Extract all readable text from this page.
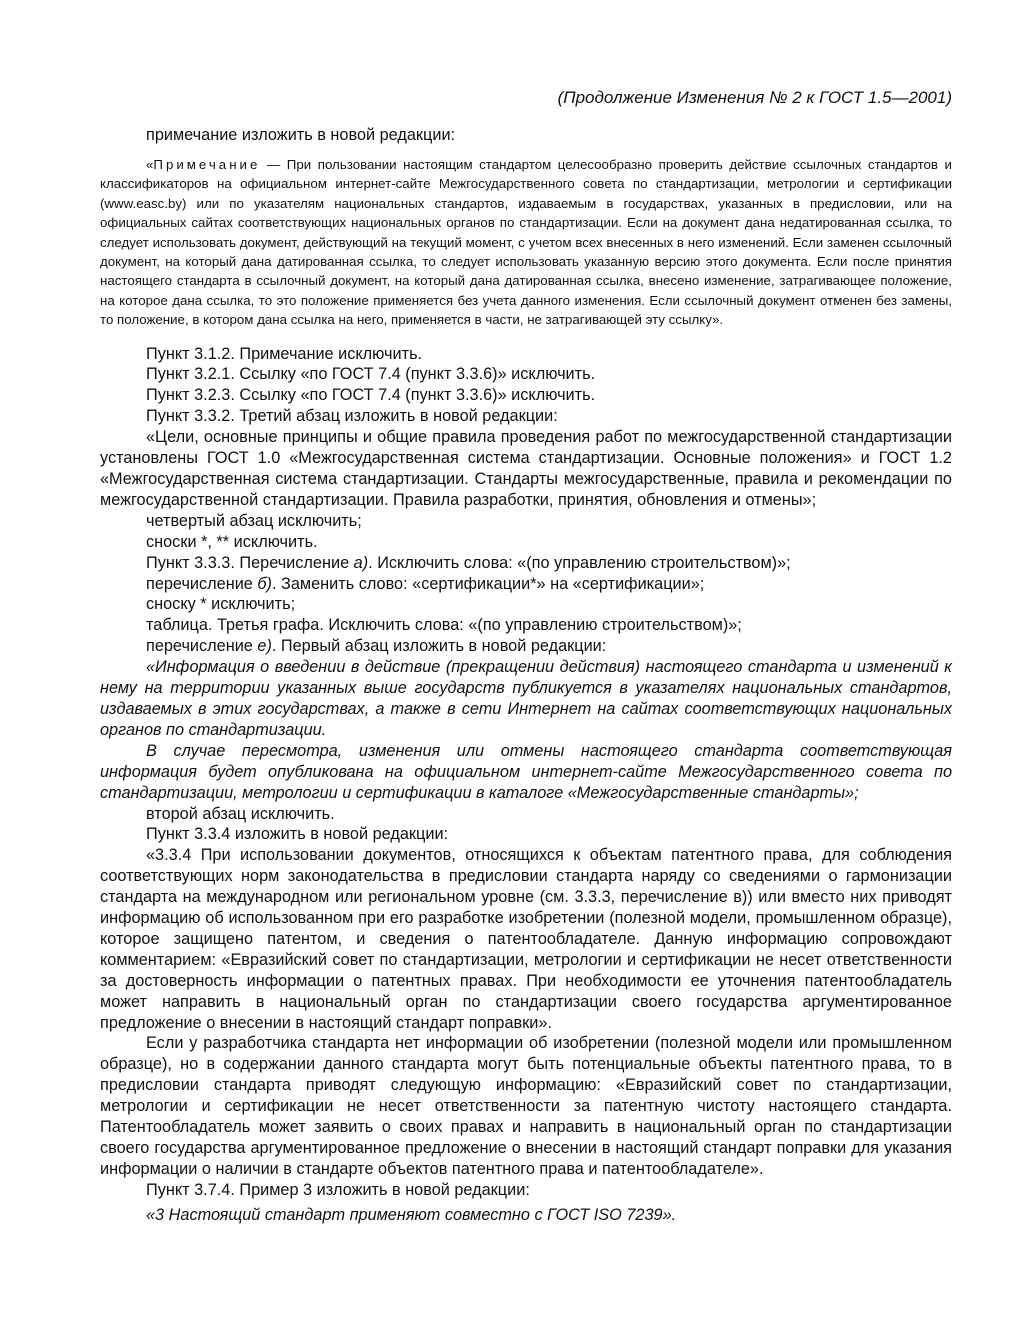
(Продолжение Изменения № 2 к ГОСТ 1.5—2001)

примечание изложить в новой редакции:

«Примечание — При пользовании настоящим стандартом целесообразно проверить действие ссылочных стандартов и классификаторов на официальном интернет-сайте Межгосударственного совета по стандартизации, метрологии и сертификации (www.easc.by) или по указателям национальных стандартов, издаваемым в государствах, указанных в предисловии, или на официальных сайтах соответствующих национальных органов по стандартизации. Если на документ дана недатированная ссылка, то следует использовать документ, действующий на текущий момент, с учетом всех внесенных в него изменений. Если заменен ссылочный документ, на который дана датированная ссылка, то следует использовать указанную версию этого документа. Если после принятия настоящего стандарта в ссылочный документ, на который дана датированная ссылка, внесено изменение, затрагивающее положение, на которое дана ссылка, то это положение применяется без учета данного изменения. Если ссылочный документ отменен без замены, то положение, в котором дана ссылка на него, применяется в части, не затрагивающей эту ссылку».

Пункт 3.1.2. Примечание исключить.

Пункт 3.2.1. Ссылку «по ГОСТ 7.4 (пункт 3.3.6)» исключить.

Пункт 3.2.3. Ссылку «по ГОСТ 7.4 (пункт 3.3.6)» исключить.

Пункт 3.3.2. Третий абзац изложить в новой редакции:

«Цели, основные принципы и общие правила проведения работ по межгосударственной стандартизации установлены ГОСТ 1.0 «Межгосударственная система стандартизации. Основные положения» и ГОСТ 1.2 «Межгосударственная система стандартизации. Стандарты межгосударственные, правила и рекомендации по межгосударственной стандартизации. Правила разработки, принятия, обновления и отмены»;

четвертый абзац исключить;

сноски *, ** исключить.

Пункт 3.3.3. Перечисление а). Исключить слова: «(по управлению строительством)»;

перечисление б). Заменить слово: «сертификации*» на «сертификации»;

сноску * исключить;

таблица. Третья графа. Исключить слова: «(по управлению строительством)»;

перечисление е). Первый абзац изложить в новой редакции:

«Информация о введении в действие (прекращении действия) настоящего стандарта и изменений к нему на территории указанных выше государств публикуется в указателях национальных стандартов, издаваемых в этих государствах, а также в сети Интернет на сайтах соответствующих национальных органов по стандартизации.

В случае пересмотра, изменения или отмены настоящего стандарта соответствующая информация будет опубликована на официальном интернет-сайте Межгосударственного совета по стандартизации, метрологии и сертификации в каталоге «Межгосударственные стандарты»;

второй абзац исключить.

Пункт 3.3.4 изложить в новой редакции:

«3.3.4 При использовании документов, относящихся к объектам патентного права, для соблюдения соответствующих норм законодательства в предисловии стандарта наряду со сведениями о гармонизации стандарта на международном или региональном уровне (см. 3.3.3, перечисление в)) или вместо них приводят информацию об использованном при его разработке изобретении (полезной модели, промышленном образце), которое защищено патентом, и сведения о патентообладателе. Данную информацию сопровождают комментарием: «Евразийский совет по стандартизации, метрологии и сертификации не несет ответственности за достоверность информации о патентных правах. При необходимости ее уточнения патентообладатель может направить в национальный орган по стандартизации своего государства аргументированное предложение о внесении в настоящий стандарт поправки».

Если у разработчика стандарта нет информации об изобретении (полезной модели или промышленном образце), но в содержании данного стандарта могут быть потенциальные объекты патентного права, то в предисловии стандарта приводят следующую информацию: «Евразийский совет по стандартизации, метрологии и сертификации не несет ответственности за патентную чистоту настоящего стандарта. Патентообладатель может заявить о своих правах и направить в национальный орган по стандартизации своего государства аргументированное предложение о внесении в настоящий стандарт поправки для указания информации о наличии в стандарте объектов патентного права и патентообладателе».

Пункт 3.7.4. Пример 3 изложить в новой редакции:

«3 Настоящий стандарт применяют совместно с ГОСТ ISO 7239».
